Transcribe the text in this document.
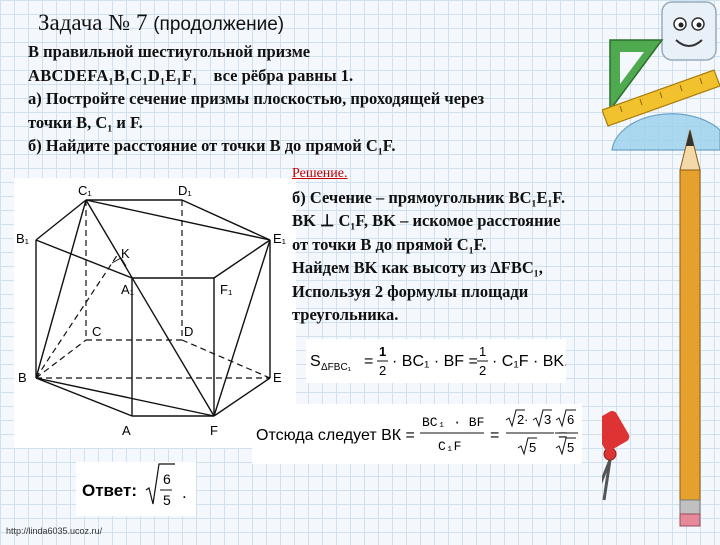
Задача № 7 (продолжение)

В правильной шестиугольной призме

ABCDEFA₁B₁C₁D₁E₁F₁ все рёбра равны 1.

а) Постройте сечение призмы плоскостью, проходящей через

точки B, C₁ и F.

б) Найдите расстояние от точки B до прямой C₁F.

C₁	D₁
B₁	E₁
K
A₁	F₁
C	D
B	E
A	F

Решение.

б) Сечение – прямоугольник BC₁E₁F.

BK ⊥ C₁F, BK – искомое расстояние

от точки B до прямой C₁F.

Найдем BK как высоту из ΔFBC₁,

Используя 2 формулы площади

треугольника.

S ΔFBC₁ =
1
2
· BC₁ · BF =
1
2
· C₁F · BK.
Отсюда следует ВК =
BC₁ · BF
C₁F
=
2 · 3
5
=
6
5
Ответ:
6
5 .
http://linda6035.ucoz.ru/
